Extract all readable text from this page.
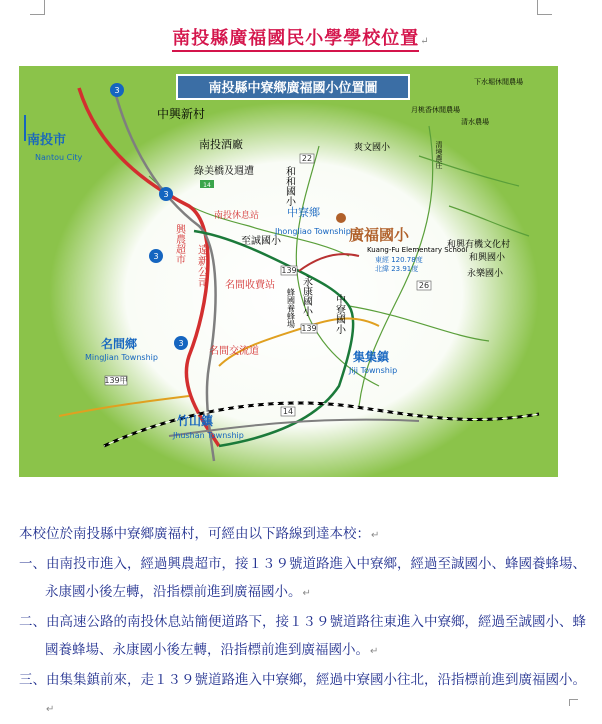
南投縣廣福國民小學學校位置↵
南投縣中寮鄉廣福國小位置圖
3
3
3
3
139
139
139甲
14
26
22
南投市
Nantou City
中興新村
南投酒廠
綠美橋及週遭
14
南投休息站
興農超市 遠新公司 名間收費站
名間交流道
名間鄉
MingJian Township
竹山鎮
Jhushan Township
中寮鄉
Jhongliao Township
至誠國小
和和國小
爽文國小
廣福國小
Kuang-Fu Elementary School
東經 120.78度
北緯 23.91度
永康國小
蜂國養蜂場	中寮國小
集集鎮
Jiji Township
和興國小
和興有機文化村
永樂國小
下水堀休閒農場
月桃香休閒農場
清水農場
清境農庄

本校位於南投縣中寮鄉廣福村，可經由以下路線到達本校：↵

一、由南投市進入，經過興農超市，接１３９號道路進入中寮鄉，經過至誠國小、蜂國養蜂場、永康國小後左轉，沿指標前進到廣福國小。↵

二、由高速公路的南投休息站簡便道路下，接１３９號道路往東進入中寮鄉，經過至誠國小、蜂國養蜂場、永康國小後左轉，沿指標前進到廣福國小。↵

三、由集集鎮前來，走１３９號道路進入中寮鄉，經過中寮國小往北，沿指標前進到廣福國小。↵
